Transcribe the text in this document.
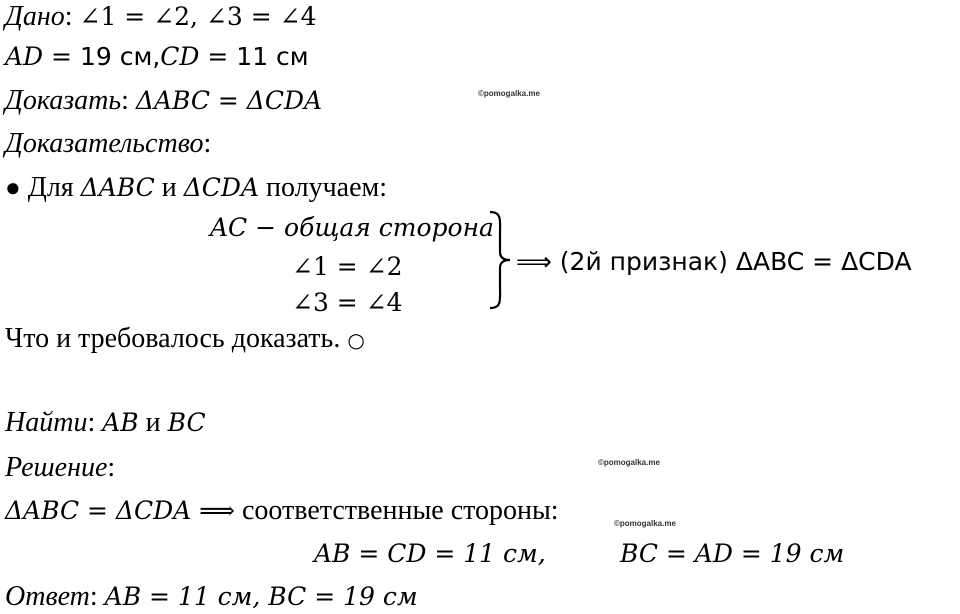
Дано: ∠1 = ∠2, ∠3 = ∠4
AD = 19 см,CD = 11 см
Доказать: ΔABC = ΔCDA	©pomogalka.me
Доказательство:
● Для ΔABC и ΔCDA получаем:
AC − общая сторона
∠1 = ∠2
∠3 = ∠4
⟹ (2й признак) ΔABC = ΔCDA
Что и требовалось доказать. ○
Найти: AB и BC
Решение:	©pomogalka.me
ΔABC = ΔCDA ⟹ соответственные стороны:	©pomogalka.me
AB = CD = 11 см,	BC = AD = 19 см
Ответ: AB = 11 см, BC = 19 см
